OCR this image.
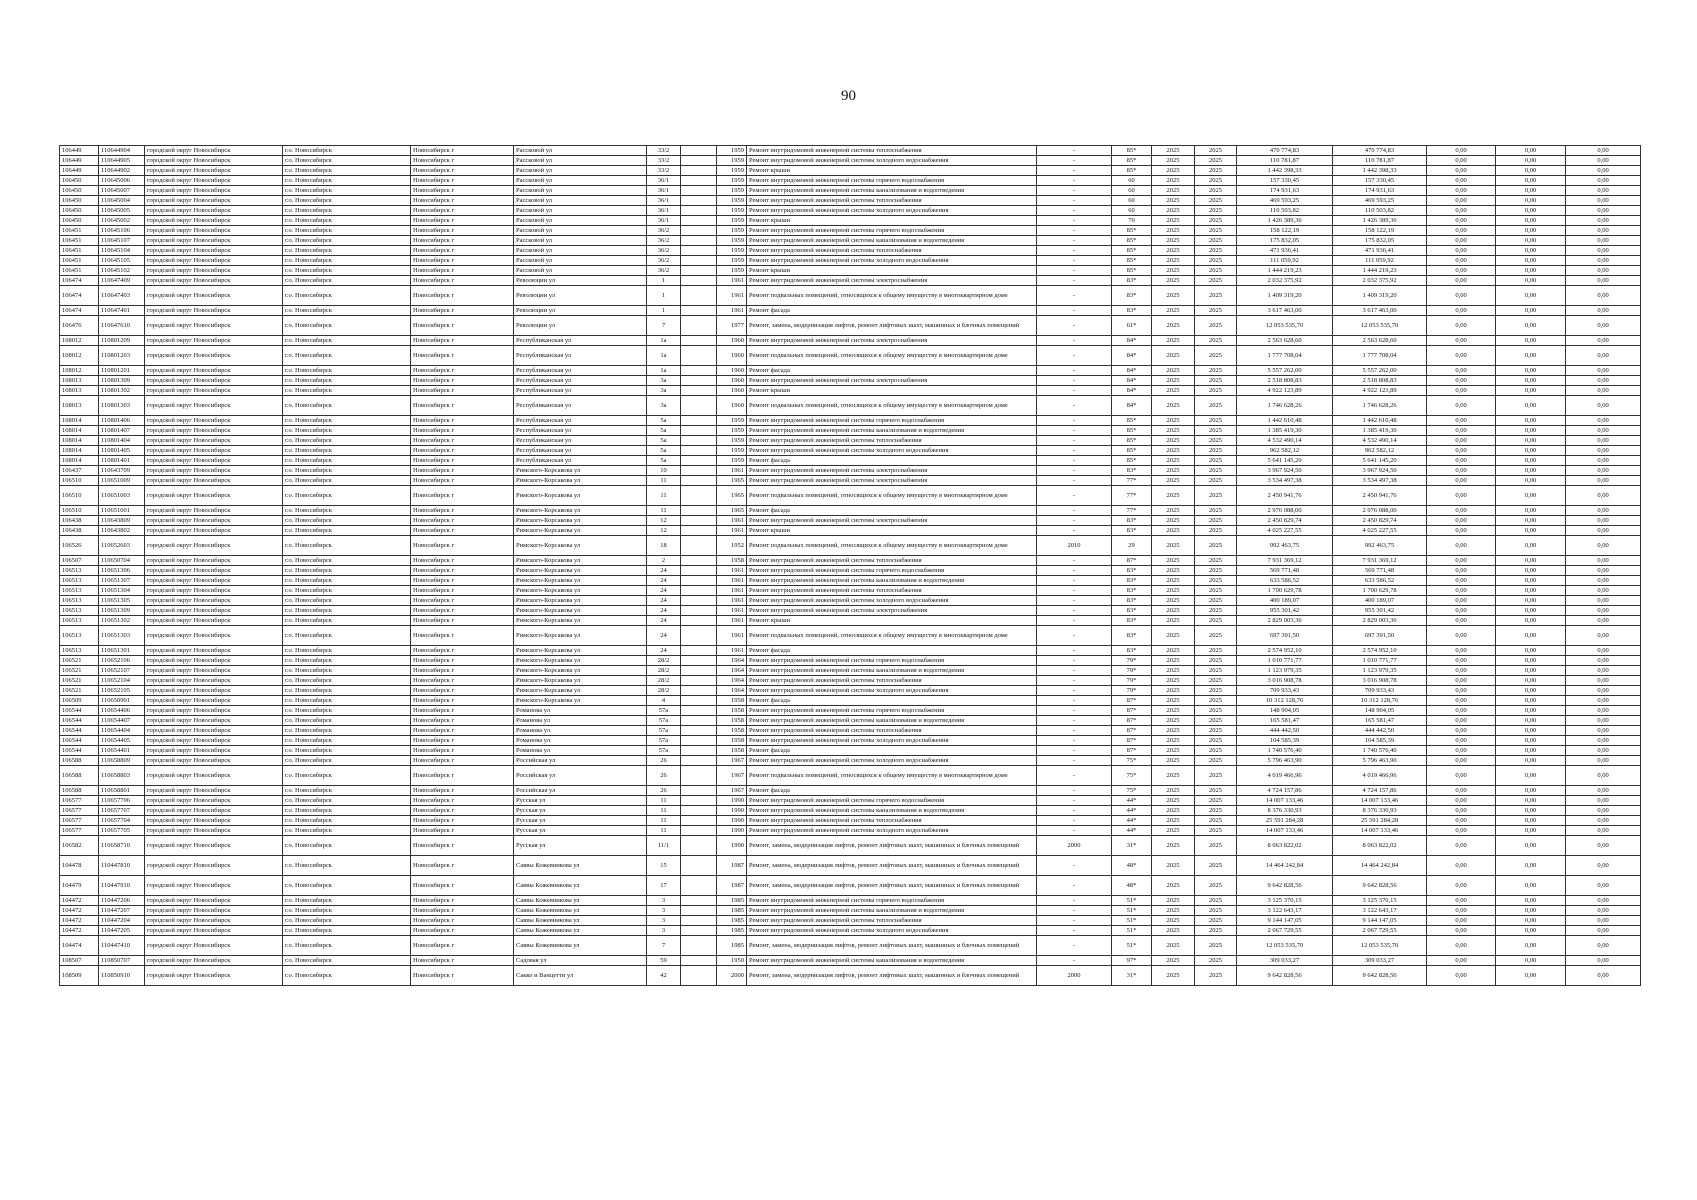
90
106449	110644904	городской округ Новосибирск	г.о. Новосибирск	Новосибирск г	Рассковой ул	33/2		1959	Ремонт внутридомовой инженерной системы теплоснабжения	-	85*	2025	2025	470 774,83	470 774,83	0,00	0,00	0,00
106449	110644905	городской округ Новосибирск	г.о. Новосибирск	Новосибирск г	Рассковой ул	33/2		1959	Ремонт внутридомовой инженерной системы холодного водоснабжения	-	85*	2025	2025	110 781,87	110 781,87	0,00	0,00	0,00
106449	110644902	городской округ Новосибирск	г.о. Новосибирск	Новосибирск г	Рассковой ул	33/2		1959	Ремонт крыши	-	85*	2025	2025	1 442 398,33	1 442 398,33	0,00	0,00	0,00
106450	110645006	городской округ Новосибирск	г.о. Новосибирск	Новосибирск г	Рассковой ул	36/1		1959	Ремонт внутридомовой инженерной системы горячего водоснабжения	-	60	2025	2025	157 330,45	157 330,45	0,00	0,00	0,00
106450	110645007	городской округ Новосибирск	г.о. Новосибирск	Новосибирск г	Рассковой ул	36/1		1959	Ремонт внутридомовой инженерной системы канализования и водоотведения	-	60	2025	2025	174 931,63	174 931,63	0,00	0,00	0,00
106450	110645004	городской округ Новосибирск	г.о. Новосибирск	Новосибирск г	Рассковой ул	36/1		1959	Ремонт внутридомовой инженерной системы теплоснабжения	-	60	2025	2025	469 593,25	469 593,25	0,00	0,00	0,00
106450	110645005	городской округ Новосибирск	г.о. Новосибирск	Новосибирск г	Рассковой ул	36/1		1959	Ремонт внутридомовой инженерной системы холодного водоснабжения	-	60	2025	2025	110 503,82	110 503,82	0,00	0,00	0,00
106450	110645002	городской округ Новосибирск	г.о. Новосибирск	Новосибирск г	Рассковой ул	36/1		1959	Ремонт крыши	-	70	2025	2025	1 426 389,36	1 426 389,36	0,00	0,00	0,00
106451	110645106	городской округ Новосибирск	г.о. Новосибирск	Новосибирск г	Рассковой ул	36/2		1959	Ремонт внутридомовой инженерной системы горячего водоснабжения	-	85*	2025	2025	158 122,19	158 122,19	0,00	0,00	0,00
106451	110645107	городской округ Новосибирск	г.о. Новосибирск	Новосибирск г	Рассковой ул	36/2		1959	Ремонт внутридомовой инженерной системы канализования и водоотведения	-	85*	2025	2025	175 832,05	175 832,05	0,00	0,00	0,00
106451	110645104	городской округ Новосибирск	г.о. Новосибирск	Новосибирск г	Рассковой ул	36/2		1959	Ремонт внутридомовой инженерной системы теплоснабжения	-	85*	2025	2025	471 936,41	471 936,41	0,00	0,00	0,00
106451	110645105	городской округ Новосибирск	г.о. Новосибирск	Новосибирск г	Рассковой ул	36/2		1959	Ремонт внутридомовой инженерной системы холодного водоснабжения	-	85*	2025	2025	111 059,92	111 059,92	0,00	0,00	0,00
106451	110645102	городской округ Новосибирск	г.о. Новосибирск	Новосибирск г	Рассковой ул	36/2		1959	Ремонт крыши	-	85*	2025	2025	1 444 219,23	1 444 219,23	0,00	0,00	0,00
106474	110647409	городской округ Новосибирск	г.о. Новосибирск	Новосибирск г	Революции ул	1		1961	Ремонт внутридомовой инженерной системы электроснабжения	-	83*	2025	2025	2 032 375,92	2 032 375,92	0,00	0,00	0,00
106474	110647403	городской округ Новосибирск	г.о. Новосибирск	Новосибирск г	Революции ул	1		1961	Ремонт подвальных помещений, относящихся к общему имуществу в многоквартирном доме	-	83*	2025	2025	1 409 319,20	1 409 319,20	0,00	0,00	0,00
106474	110647401	городской округ Новосибирск	г.о. Новосибирск	Новосибирск г	Революции ул	1		1961	Ремонт фасада	-	83*	2025	2025	3 617 463,00	3 617 463,00	0,00	0,00	0,00
106476	110647610	городской округ Новосибирск	г.о. Новосибирск	Новосибирск г	Революции ул	7		1977	Ремонт, замена, модернизация лифтов, ремонт лифтовых шахт, машинных и блочных помещений	-	61*	2025	2025	12 053 535,70	12 053 535,70	0,00	0,00	0,00
108012	110801209	городской округ Новосибирск	г.о. Новосибирск	Новосибирск г	Республиканская ул	1а		1960	Ремонт внутридомовой инженерной системы электроснабжения	-	84*	2025	2025	2 563 628,60	2 563 628,60	0,00	0,00	0,00
108012	110801203	городской округ Новосибирск	г.о. Новосибирск	Новосибирск г	Республиканская ул	1а		1960	Ремонт подвальных помещений, относящихся к общему имуществу в многоквартирном доме	-	84*	2025	2025	1 777 708,04	1 777 708,04	0,00	0,00	0,00
108012	110801201	городской округ Новосибирск	г.о. Новосибирск	Новосибирск г	Республиканская ул	1а		1960	Ремонт фасада	-	84*	2025	2025	5 557 262,00	5 557 262,00	0,00	0,00	0,00
108013	110801309	городской округ Новосибирск	г.о. Новосибирск	Новосибирск г	Республиканская ул	3а		1960	Ремонт внутридомовой инженерной системы электроснабжения	-	84*	2025	2025	2 518 808,83	2 518 808,83	0,00	0,00	0,00
108013	110801302	городской округ Новосибирск	г.о. Новосибирск	Новосибирск г	Республиканская ул	3а		1960	Ремонт крыши	-	84*	2025	2025	4 922 123,89	4 922 123,89	0,00	0,00	0,00
108013	110801303	городской округ Новосибирск	г.о. Новосибирск	Новосибирск г	Республиканская ул	3а		1960	Ремонт подвальных помещений, относящихся к общему имуществу в многоквартирном доме	-	84*	2025	2025	1 746 628,26	1 746 628,26	0,00	0,00	0,00
108014	110801406	городской округ Новосибирск	г.о. Новосибирск	Новосибирск г	Республиканская ул	5а		1959	Ремонт внутридомовой инженерной системы горячего водоснабжения	-	85*	2025	2025	1 442 610,48	1 442 610,48	0,00	0,00	0,00
108014	110801407	городской округ Новосибирск	г.о. Новосибирск	Новосибирск г	Республиканская ул	5а		1959	Ремонт внутридомовой инженерной системы канализования и водоотведения	-	85*	2025	2025	1 385 419,30	1 385 419,30	0,00	0,00	0,00
108014	110801404	городской округ Новосибирск	г.о. Новосибирск	Новосибирск г	Республиканская ул	5а		1959	Ремонт внутридомовой инженерной системы теплоснабжения	-	85*	2025	2025	4 532 490,14	4 532 490,14	0,00	0,00	0,00
108014	110801405	городской округ Новосибирск	г.о. Новосибирск	Новосибирск г	Республиканская ул	5а		1959	Ремонт внутридомовой инженерной системы холодного водоснабжения	-	85*	2025	2025	962 582,12	962 582,12	0,00	0,00	0,00
108014	110801401	городской округ Новосибирск	г.о. Новосибирск	Новосибирск г	Республиканская ул	5а		1959	Ремонт фасада	-	85*	2025	2025	5 641 145,20	5 641 145,20	0,00	0,00	0,00
106437	110643709	городской округ Новосибирск	г.о. Новосибирск	Новосибирск г	Римского-Корсакова ул	10		1961	Ремонт внутридомовой инженерной системы электроснабжения	-	83*	2025	2025	3 967 924,50	3 967 924,50	0,00	0,00	0,00
106510	110651009	городской округ Новосибирск	г.о. Новосибирск	Новосибирск г	Римского-Корсакова ул	11		1965	Ремонт внутридомовой инженерной системы электроснабжения	-	77*	2025	2025	3 534 497,38	3 534 497,38	0,00	0,00	0,00
106510	110651003	городской округ Новосибирск	г.о. Новосибирск	Новосибирск г	Римского-Корсакова ул	11		1965	Ремонт подвальных помещений, относящихся к общему имуществу в многоквартирном доме	-	77*	2025	2025	2 450 941,76	2 450 941,76	0,00	0,00	0,00
106510	110651001	городской округ Новосибирск	г.о. Новосибирск	Новосибирск г	Римского-Корсакова ул	11		1965	Ремонт фасада	-	77*	2025	2025	2 976 088,00	2 976 088,00	0,00	0,00	0,00
106438	110643809	городской округ Новосибирск	г.о. Новосибирск	Новосибирск г	Римского-Корсакова ул	12		1961	Ремонт внутридомовой инженерной системы электроснабжения	-	83*	2025	2025	2 450 829,74	2 450 829,74	0,00	0,00	0,00
106438	110643802	городской округ Новосибирск	г.о. Новосибирск	Новосибирск г	Римского-Корсакова ул	12		1961	Ремонт крыши	-	83*	2025	2025	4 025 227,55	4 025 227,55	0,00	0,00	0,00
106526	110652603	городской округ Новосибирск	г.о. Новосибирск	Новосибирск г	Римского-Корсакова ул	18		1952	Ремонт подвальных помещений, относящихся к общему имуществу в многоквартирном доме	2010	29	2025	2025	992 463,75	992 463,75	0,00	0,00	0,00
106507	110650704	городской округ Новосибирск	г.о. Новосибирск	Новосибирск г	Римского-Корсакова ул	2		1958	Ремонт внутридомовой инженерной системы теплоснабжения	-	87*	2025	2025	7 931 369,12	7 931 369,12	0,00	0,00	0,00
106513	110651306	городской округ Новосибирск	г.о. Новосибирск	Новосибирск г	Римского-Корсакова ул	24		1961	Ремонт внутридомовой инженерной системы горячего водоснабжения	-	83*	2025	2025	569 771,48	569 771,48	0,00	0,00	0,00
106513	110651307	городской округ Новосибирск	г.о. Новосибирск	Новосибирск г	Римского-Корсакова ул	24		1961	Ремонт внутридомовой инженерной системы канализования и водоотведения	-	83*	2025	2025	633 586,52	633 586,52	0,00	0,00	0,00
106513	110651304	городской округ Новосибирск	г.о. Новосибирск	Новосибирск г	Римского-Корсакова ул	24		1961	Ремонт внутридомовой инженерной системы теплоснабжения	-	83*	2025	2025	1 700 629,78	1 700 629,78	0,00	0,00	0,00
106513	110651305	городской округ Новосибирск	г.о. Новосибирск	Новосибирск г	Римского-Корсакова ул	24		1961	Ремонт внутридомовой инженерной системы холодного водоснабжения	-	83*	2025	2025	400 189,07	400 189,07	0,00	0,00	0,00
106513	110651309	городской округ Новосибирск	г.о. Новосибирск	Новосибирск г	Римского-Корсакова ул	24		1961	Ремонт внутридомовой инженерной системы электроснабжения	-	83*	2025	2025	955 301,42	955 301,42	0,00	0,00	0,00
106513	110651302	городской округ Новосибирск	г.о. Новосибирск	Новосибирск г	Римского-Корсакова ул	24		1961	Ремонт крыши	-	83*	2025	2025	2 829 003,36	2 829 003,36	0,00	0,00	0,00
106513	110651303	городской округ Новосибирск	г.о. Новосибирск	Новосибирск г	Римского-Корсакова ул	24		1961	Ремонт подвальных помещений, относящихся к общему имуществу в многоквартирном доме	-	83*	2025	2025	697 391,50	697 391,50	0,00	0,00	0,00
106513	110651301	городской округ Новосибирск	г.о. Новосибирск	Новосибирск г	Римского-Корсакова ул	24		1961	Ремонт фасада	-	83*	2025	2025	2 574 952,10	2 574 952,10	0,00	0,00	0,00
106521	110652106	городской округ Новосибирск	г.о. Новосибирск	Новосибирск г	Римского-Корсакова ул	28/2		1964	Ремонт внутридомовой инженерной системы горячего водоснабжения	-	79*	2025	2025	1 010 771,77	1 010 771,77	0,00	0,00	0,00
106521	110652107	городской округ Новосибирск	г.о. Новосибирск	Новосибирск г	Римского-Корсакова ул	28/2		1964	Ремонт внутридомовой инженерной системы канализования и водоотведения	-	79*	2025	2025	1 123 979,35	1 123 979,35	0,00	0,00	0,00
106521	110652104	городской округ Новосибирск	г.о. Новосибирск	Новосибирск г	Римского-Корсакова ул	28/2		1964	Ремонт внутридомовой инженерной системы теплоснабжения	-	79*	2025	2025	3 016 908,78	3 016 908,78	0,00	0,00	0,00
106521	110652105	городской округ Новосибирск	г.о. Новосибирск	Новосибирск г	Римского-Корсакова ул	28/2		1964	Ремонт внутридомовой инженерной системы холодного водоснабжения	-	79*	2025	2025	709 933,43	709 933,43	0,00	0,00	0,00
106509	110650901	городской округ Новосибирск	г.о. Новосибирск	Новосибирск г	Римского-Корсакова ул	4		1958	Ремонт фасада	-	87*	2025	2025	10 312 128,76	10 312 128,76	0,00	0,00	0,00
106544	110654406	городской округ Новосибирск	г.о. Новосибирск	Новосибирск г	Романова ул	57а		1958	Ремонт внутридомовой инженерной системы горячего водоснабжения	-	87*	2025	2025	148 904,05	148 904,05	0,00	0,00	0,00
106544	110654407	городской округ Новосибирск	г.о. Новосибирск	Новосибирск г	Романова ул	57а		1958	Ремонт внутридомовой инженерной системы канализования и водоотведения	-	87*	2025	2025	165 581,47	165 581,47	0,00	0,00	0,00
106544	110654404	городской округ Новосибирск	г.о. Новосибирск	Новосибирск г	Романова ул	57а		1958	Ремонт внутридомовой инженерной системы теплоснабжения	-	87*	2025	2025	444 442,50	444 442,50	0,00	0,00	0,00
106544	110654405	городской округ Новосибирск	г.о. Новосибирск	Новосибирск г	Романова ул	57а		1958	Ремонт внутридомовой инженерной системы холодного водоснабжения	-	87*	2025	2025	104 585,39	104 585,39	0,00	0,00	0,00
106544	110654401	городской округ Новосибирск	г.о. Новосибирск	Новосибирск г	Романова ул	57а		1958	Ремонт фасада	-	87*	2025	2025	1 740 576,40	1 740 576,40	0,00	0,00	0,00
106588	110658809	городской округ Новосибирск	г.о. Новосибирск	Новосибирск г	Российская ул	26		1967	Ремонт внутридомовой инженерной системы холодного водоснабжения	-	75*	2025	2025	5 796 463,90	5 796 463,90	0,00	0,00	0,00
106588	110658803	городской округ Новосибирск	г.о. Новосибирск	Новосибирск г	Российская ул	26		1967	Ремонт подвальных помещений, относящихся к общему имуществу в многоквартирном доме	-	75*	2025	2025	4 019 466,96	4 019 466,96	0,00	0,00	0,00
106588	110658801	городской округ Новосибирск	г.о. Новосибирск	Новосибирск г	Российская ул	26		1967	Ремонт фасада	-	75*	2025	2025	4 724 157,86	4 724 157,86	0,00	0,00	0,00
106577	110657706	городской округ Новосибирск	г.о. Новосибирск	Новосибирск г	Русская ул	11		1990	Ремонт внутридомовой инженерной системы горячего водоснабжения	-	44*	2025	2025	14 007 133,46	14 007 133,46	0,00	0,00	0,00
106577	110657707	городской округ Новосибирск	г.о. Новосибирск	Новосибирск г	Русская ул	11		1990	Ремонт внутридомовой инженерной системы канализования и водоотведения	-	44*	2025	2025	8 376 330,93	8 376 330,93	0,00	0,00	0,00
106577	110657704	городской округ Новосибирск	г.о. Новосибирск	Новосибирск г	Русская ул	11		1990	Ремонт внутридомовой инженерной системы теплоснабжения	-	44*	2025	2025	25 591 284,28	25 591 284,28	0,00	0,00	0,00
106577	110657705	городской округ Новосибирск	г.о. Новосибирск	Новосибирск г	Русская ул	11		1990	Ремонт внутридомовой инженерной системы холодного водоснабжения	-	44*	2025	2025	14 007 133,46	14 007 133,46	0,00	0,00	0,00
106582	110658710	городской округ Новосибирск	г.о. Новосибирск	Новосибирск г	Русская ул	11/1		1990	Ремонт, замена, модернизация лифтов, ремонт лифтовых шахт, машинных и блочных помещений	2000	31*	2025	2025	8 063 822,02	8 063 822,02	0,00	0,00	0,00
104478	110447810	городской округ Новосибирск	г.о. Новосибирск	Новосибирск г	Саввы Кожевникова ул	15		1987	Ремонт, замена, модернизация лифтов, ремонт лифтовых шахт, машинных и блочных помещений	-	48*	2025	2025	14 464 242,84	14 464 242,84	0,00	0,00	0,00
104479	110447910	городской округ Новосибирск	г.о. Новосибирск	Новосибирск г	Саввы Кожевникова ул	17		1987	Ремонт, замена, модернизация лифтов, ремонт лифтовых шахт, машинных и блочных помещений	-	48*	2025	2025	9 642 828,56	9 642 828,56	0,00	0,00	0,00
104472	110447206	городской округ Новосибирск	г.о. Новосибирск	Новосибирск г	Саввы Кожевникова ул	3		1985	Ремонт внутридомовой инженерной системы горячего водоснабжения	-	51*	2025	2025	3 125 370,15	3 125 370,15	0,00	0,00	0,00
104472	110447207	городской округ Новосибирск	г.о. Новосибирск	Новосибирск г	Саввы Кожевникова ул	3		1985	Ремонт внутридомовой инженерной системы канализования и водоотведения	-	51*	2025	2025	3 122 643,17	3 122 643,17	0,00	0,00	0,00
104472	110447204	городской округ Новосибирск	г.о. Новосибирск	Новосибирск г	Саввы Кожевникова ул	3		1985	Ремонт внутридомовой инженерной системы теплоснабжения	-	51*	2025	2025	9 144 147,05	9 144 147,05	0,00	0,00	0,00
104472	110447205	городской округ Новосибирск	г.о. Новосибирск	Новосибирск г	Саввы Кожевникова ул	3		1985	Ремонт внутридомовой инженерной системы холодного водоснабжения	-	51*	2025	2025	2 067 729,55	2 067 729,55	0,00	0,00	0,00
104474	110447410	городской округ Новосибирск	г.о. Новосибирск	Новосибирск г	Саввы Кожевникова ул	7		1985	Ремонт, замена, модернизация лифтов, ремонт лифтовых шахт, машинных и блочных помещений	-	51*	2025	2025	12 053 535,70	12 053 535,70	0,00	0,00	0,00
108507	110850707	городской округ Новосибирск	г.о. Новосибирск	Новосибирск г	Садовая ул	59		1950	Ремонт внутридомовой инженерной системы канализования и водоотведения	-	97*	2025	2025	309 033,27	309 033,27	0,00	0,00	0,00
108509	110850910	городской округ Новосибирск	г.о. Новосибирск	Новосибирск г	Сакко и Ванцетти ул	42		2000	Ремонт, замена, модернизация лифтов, ремонт лифтовых шахт, машинных и блочных помещений	2000	31*	2025	2025	9 642 828,56	9 642 828,56	0,00	0,00	0,00
